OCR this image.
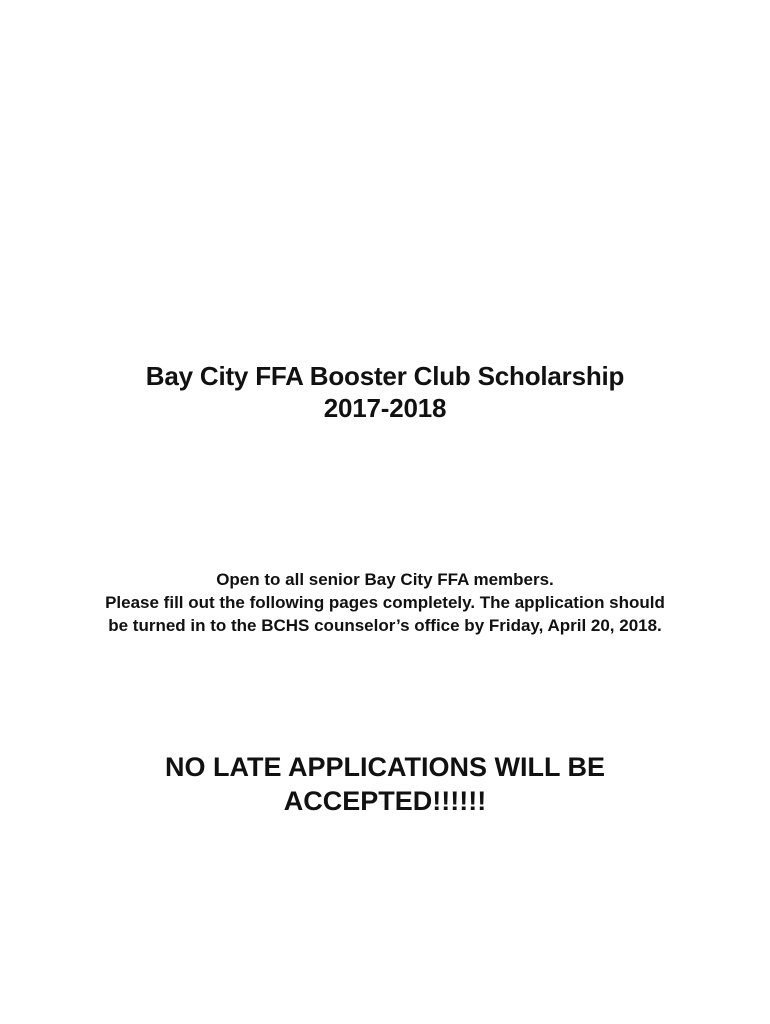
Bay City FFA Booster Club Scholarship
2017-2018
Open to all senior Bay City FFA members.
Please fill out the following pages completely. The application should
be turned in to the BCHS counselor’s office by Friday, April 20, 2018.
NO LATE APPLICATIONS WILL BE
ACCEPTED!!!!!!
